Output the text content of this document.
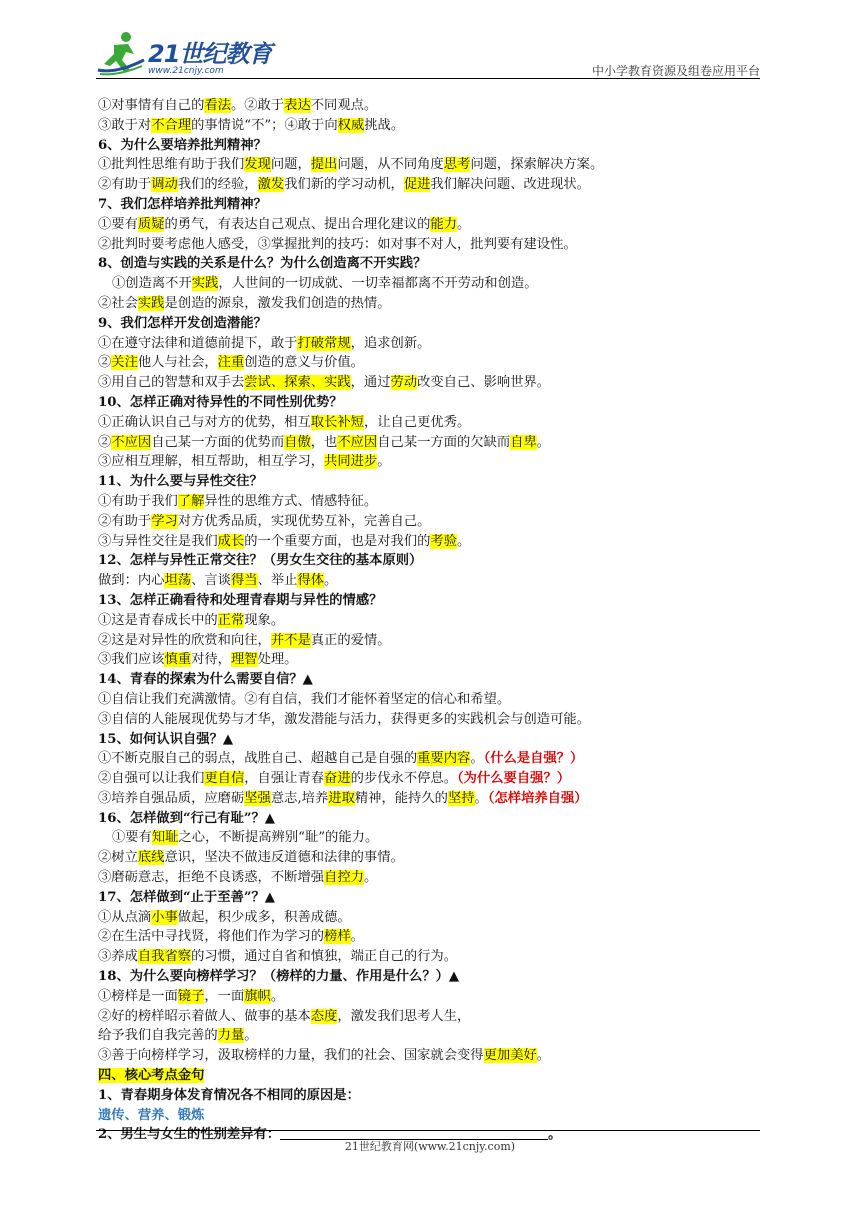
21世纪教育
www.21cnjy.com	中小学教育资源及组卷应用平台
①对事情有自己的看法。②敢于表达不同观点。
③敢于对不合理的事情说“不”；④敢于向权威挑战。
6、为什么要培养批判精神？
①批判性思维有助于我们发现问题，提出问题，从不同角度思考问题，探索解决方案。
②有助于调动我们的经验，激发我们新的学习动机，促进我们解决问题、改进现状。
7、我们怎样培养批判精神？
①要有质疑的勇气，有表达自己观点、提出合理化建议的能力。
②批判时要考虑他人感受，③掌握批判的技巧：如对事不对人，批判要有建设性。
8、创造与实践的关系是什么？为什么创造离不开实践？
①创造离不开实践，人世间的一切成就、一切幸福都离不开劳动和创造。
②社会实践是创造的源泉，激发我们创造的热情。
9、我们怎样开发创造潜能？
①在遵守法律和道德前提下，敢于打破常规，追求创新。
②关注他人与社会，注重创造的意义与价值。
③用自己的智慧和双手去尝试、探索、实践，通过劳动改变自己、影响世界。
10、怎样正确对待异性的不同性别优势？
①正确认识自己与对方的优势，相互取长补短，让自己更优秀。
②不应因自己某一方面的优势而自傲，也不应因自己某一方面的欠缺而自卑。
③应相互理解，相互帮助，相互学习，共同进步。
11、为什么要与异性交往？
①有助于我们了解异性的思维方式、情感特征。
②有助于学习对方优秀品质，实现优势互补，完善自己。
③与异性交往是我们成长的一个重要方面，也是对我们的考验。
12、怎样与异性正常交往？（男女生交往的基本原则）
做到：内心坦荡、言谈得当、举止得体。
13、怎样正确看待和处理青春期与异性的情感？
①这是青春成长中的正常现象。
②这是对异性的欣赏和向往，并不是真正的爱情。
③我们应该慎重对待，理智处理。
14、青春的探索为什么需要自信？▲
①自信让我们充满激情。②有自信，我们才能怀着坚定的信心和希望。
③自信的人能展现优势与才华，激发潜能与活力，获得更多的实践机会与创造可能。
15、如何认识自强？▲
①不断克服自己的弱点，战胜自己、超越自己是自强的重要内容。（什么是自强？）
②自强可以让我们更自信，自强让青春奋进的步伐永不停息。（为什么要自强？）
③培养自强品质，应磨砺坚强意志,培养进取精神，能持久的坚持。（怎样培养自强）
16、怎样做到“行己有耻”？▲
①要有知耻之心，不断提高辨别“耻”的能力。
②树立底线意识，坚决不做违反道德和法律的事情。
③磨砺意志，拒绝不良诱惑，不断增强自控力。
17、怎样做到“止于至善”？▲
①从点滴小事做起，积少成多，积善成德。
②在生活中寻找贤，将他们作为学习的榜样。
③养成自我省察的习惯，通过自省和慎独，端正自己的行为。
18、为什么要向榜样学习？（榜样的力量、作用是什么？）▲
①榜样是一面镜子，一面旗帜。
②好的榜样昭示着做人、做事的基本态度，激发我们思考人生，
给予我们自我完善的力量。
③善于向榜样学习，汲取榜样的力量，我们的社会、国家就会变得更加美好。
四、核心考点金句
1、青春期身体发育情况各不相同的原因是：
遗传、营养、锻炼
2、男生与女生的性别差异有：	。
21世纪教育网(www.21cnjy.com)
